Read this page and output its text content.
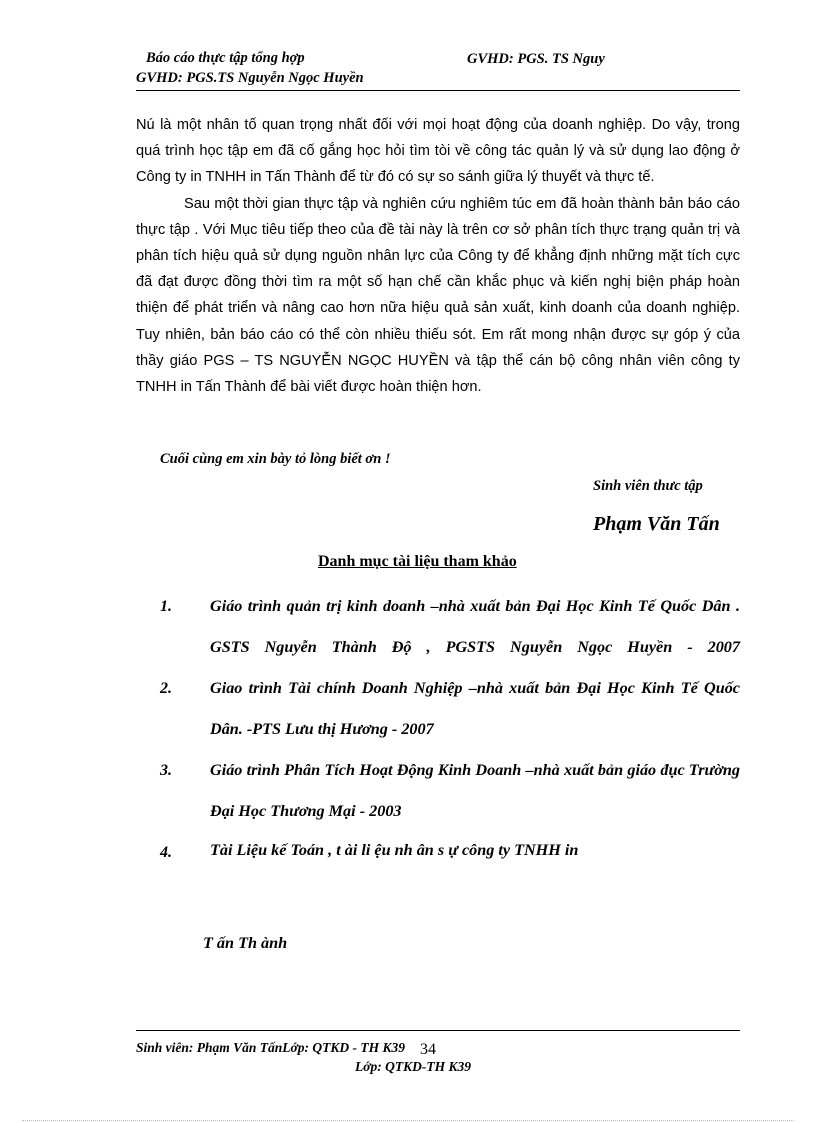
Báo cáo thực tập tổng hợp	GVHD: PGS. TS Nguy
GVHD: PGS.TS Nguyễn Ngọc Huyền

Nú là một nhân tố quan trọng nhất đối với mọi hoạt động của doanh nghiệp. Do vậy, trong quá trình học tập em đã cố gắng học hỏi tìm tòi về công tác quản lý và sử dụng lao động ở Công ty in TNHH in Tấn Thành để từ đó có sự so sánh giữa lý thuyết và thực tế.

Sau một thời gian thực tập và nghiên cứu nghiêm túc em đã hoàn thành bản báo cáo thực tập . Với Mục tiêu tiếp theo của đề tài này là trên cơ sở phân tích thực trạng quản trị và phân tích hiệu quả sử dụng nguồn nhân lực của Công ty để khẳng định những mặt tích cực đã đạt được đồng thời tìm ra một số hạn chế cần khắc phục và kiến nghị biện pháp hoàn thiện để phát triển và nâng cao hơn nữa hiệu quả sản xuất, kinh doanh của doanh nghiệp. Tuy nhiên, bản báo cáo có thể còn nhiều thiếu sót. Em rất mong nhận được sự góp ý của thầy giáo PGS – TS NGUYỄN NGỌC HUYỀN và tập thể cán bộ công nhân viên công ty TNHH in Tấn Thành để bài viết được hoàn thiện hơn.

Cuối cùng em xin bày tỏ lòng biết ơn !
Sinh viên thưc tập
Phạm Văn Tấn
Danh mục tài liệu tham khảo
1.	Giáo trình quản trị kinh doanh –nhà xuất bản Đại Học Kinh Tế Quốc Dân . GSTS Nguyễn Thành Độ , PGSTS Nguyễn Ngọc Huyền - 2007
2.	Giao trình Tài chính Doanh Nghiệp –nhà xuất bản Đại Học Kinh Tế Quốc Dân. -PTS Lưu thị Hương - 2007
3.	Giáo trình Phân Tích Hoạt Động Kinh Doanh –nhà xuất bản giáo đục Trường Đại Học Thương Mại - 2003
4.	Tài Liệu kế Toán , t ài li ệu nh ân s ự công ty TNHH in
T ấn Th ành
Sinh viên: Phạm Văn TấnLớp: QTKD - TH K39 34
Lớp: QTKD-TH K39
